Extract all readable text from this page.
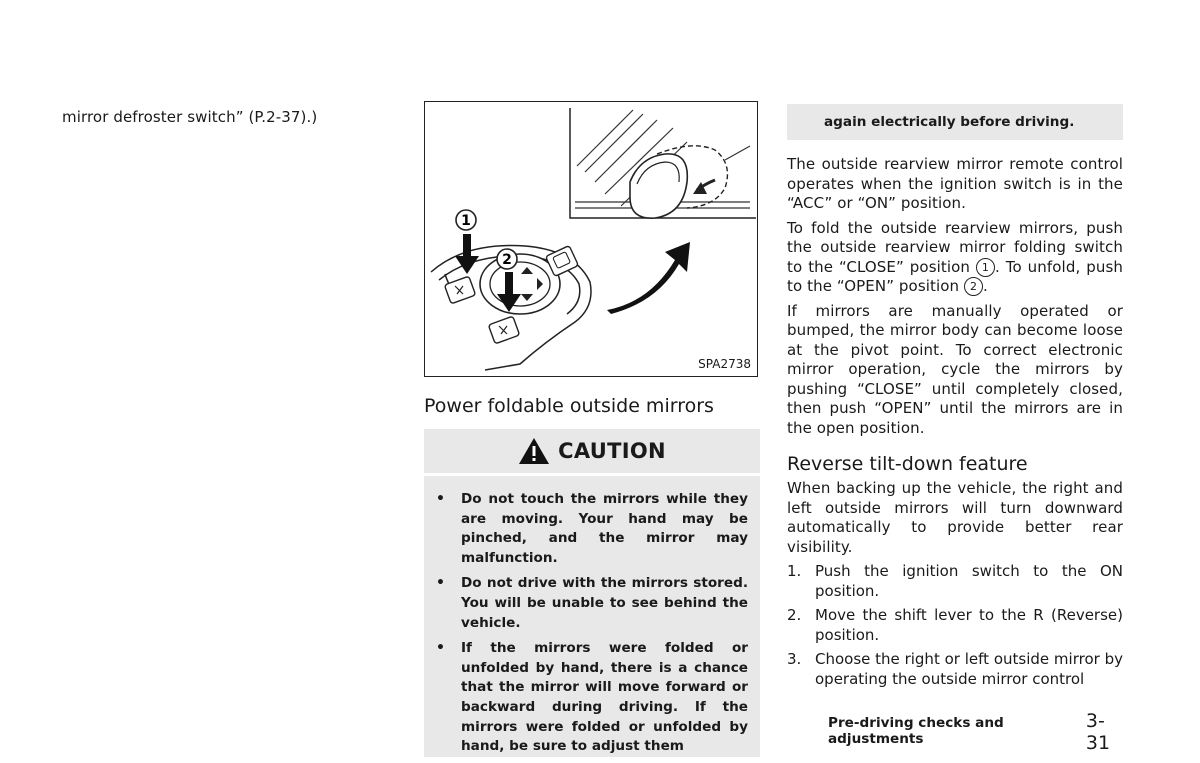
mirror defroster switch” (P.2-37).)

1
2
SPA2738
Power foldable outside mirrors
CAUTION
• Do not touch the mirrors while they are moving. Your hand may be pinched, and the mirror may malfunction.
• Do not drive with the mirrors stored. You will be unable to see behind the vehicle.
• If the mirrors were folded or unfolded by hand, there is a chance that the mirror will move forward or backward during driving. If the mirrors were folded or unfolded by hand, be sure to adjust them
again electrically before driving.

The outside rearview mirror remote control operates when the ignition switch is in the “ACC” or “ON” position.

To fold the outside rearview mirrors, push the outside rearview mirror folding switch to the “CLOSE” position 1 . To unfold, push to the “OPEN” position 2 .

If mirrors are manually operated or bumped, the mirror body can become loose at the pivot point. To correct electronic mirror operation, cycle the mirrors by pushing “CLOSE” until completely closed, then push “OPEN” until the mirrors are in the open position.

Reverse tilt-down feature

When backing up the vehicle, the right and left outside mirrors will turn downward automatically to provide better rear visibility.

1. Push the ignition switch to the ON position.
2. Move the shift lever to the R (Reverse) position.
3. Choose the right or left outside mirror by operating the outside mirror control
Pre-driving checks and adjustments
3-31
